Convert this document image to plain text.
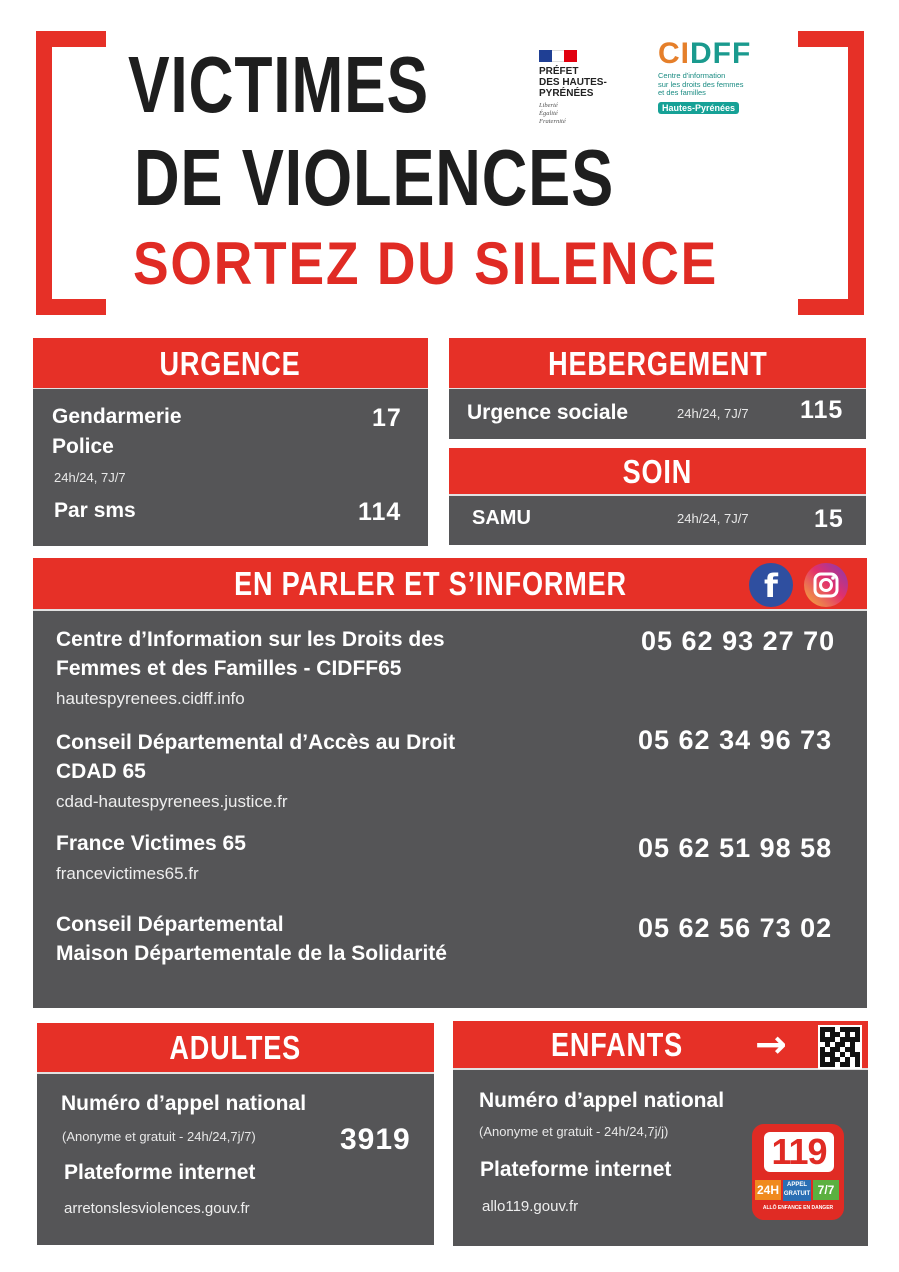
VICTIMES
DE VIOLENCES
SORTEZ DU SILENCE
PRÉFET
DES HAUTES-
PYRÉNÉES
Liberté
Égalité
Fraternité
CIDFF
Centre d'information
sur les droits des femmes
et des familles
Hautes-Pyrénées
URGENCE
Gendarmerie
Police
24h/24, 7J/7
17
Par sms	114
HEBERGEMENT
Urgence sociale	24h/24, 7J/7 115
SOIN
SAMU	24h/24, 7J/7	15
EN PARLER ET S’INFORMER	f
Centre d’Information sur les Droits des
Femmes et des Familles - CIDFF65
hautespyrenees.cidff.info
05 62 93 27 70
Conseil Départemental d’Accès au Droit
CDAD 65
cdad-hautespyrenees.justice.fr
05 62 34 96 73
France Victimes 65
francevictimes65.fr
05 62 51 98 58
Conseil Départemental
Maison Départementale de la Solidarité
05 62 56 73 02
ADULTES
Numéro d’appel national
(Anonyme et gratuit - 24h/24,7j/7)	3919
Plateforme internet
arretonslesviolences.gouv.fr
ENFANTS	→
Numéro d’appel national
(Anonyme et gratuit - 24h/24,7j/j)
Plateforme internet
allo119.gouv.fr
119
24H	APPEL
GRATUIT 7/7
ALLÔ ENFANCE EN DANGER
